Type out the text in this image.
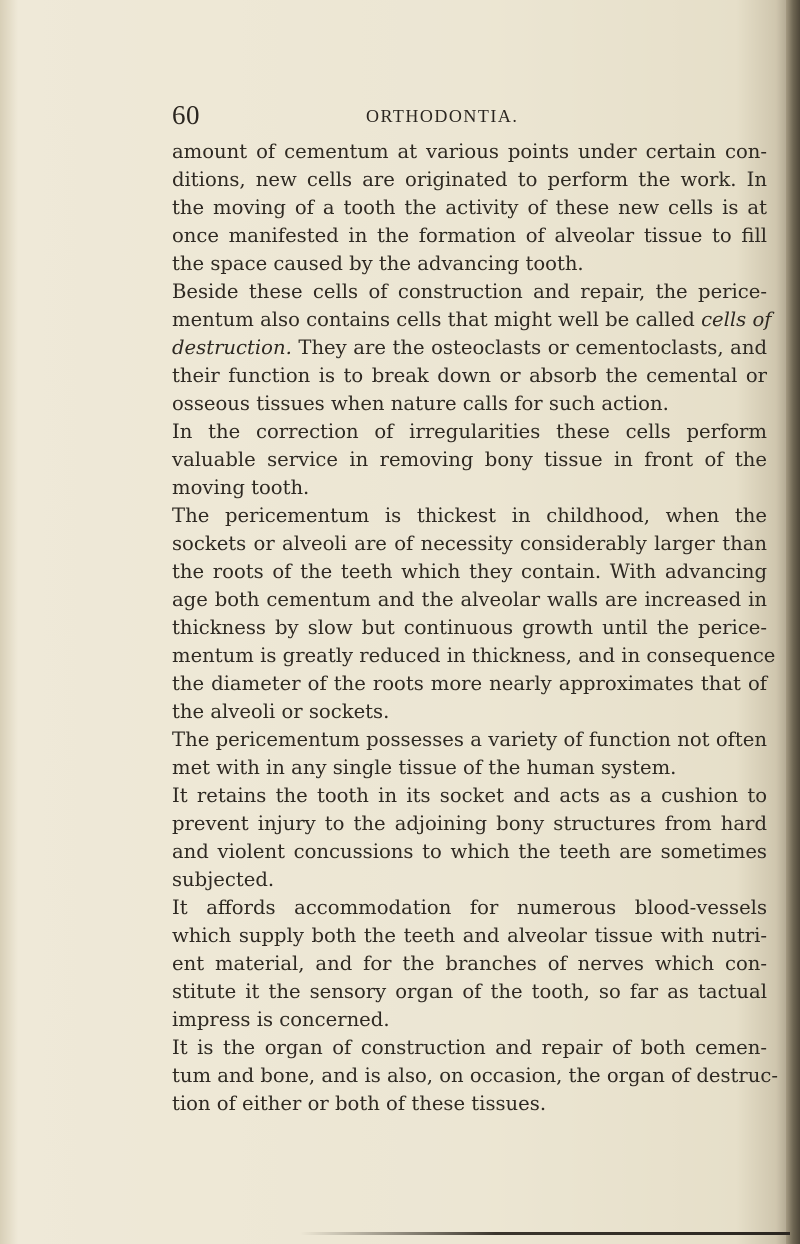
60	ORTHODONTIA.
amount of cementum at various points under certain con-
ditions, new cells are originated to perform the work. In
the moving of a tooth the activity of these new cells is at
once manifested in the formation of alveolar tissue to fill
the space caused by the advancing tooth.
Beside these cells of construction and repair, the perice-
mentum also contains cells that might well be called cells of
destruction. They are the osteoclasts or cementoclasts, and
their function is to break down or absorb the cemental or
osseous tissues when nature calls for such action.
In the correction of irregularities these cells perform
valuable service in removing bony tissue in front of the
moving tooth.
The pericementum is thickest in childhood, when the
sockets or alveoli are of necessity considerably larger than
the roots of the teeth which they contain. With advancing
age both cementum and the alveolar walls are increased in
thickness by slow but continuous growth until the perice-
mentum is greatly reduced in thickness, and in consequence
the diameter of the roots more nearly approximates that of
the alveoli or sockets.
The pericementum possesses a variety of function not often
met with in any single tissue of the human system.
It retains the tooth in its socket and acts as a cushion to
prevent injury to the adjoining bony structures from hard
and violent concussions to which the teeth are sometimes
subjected.
It affords accommodation for numerous blood-vessels
which supply both the teeth and alveolar tissue with nutri-
ent material, and for the branches of nerves which con-
stitute it the sensory organ of the tooth, so far as tactual
impress is concerned.
It is the organ of construction and repair of both cemen-
tum and bone, and is also, on occasion, the organ of destruc-
tion of either or both of these tissues.
